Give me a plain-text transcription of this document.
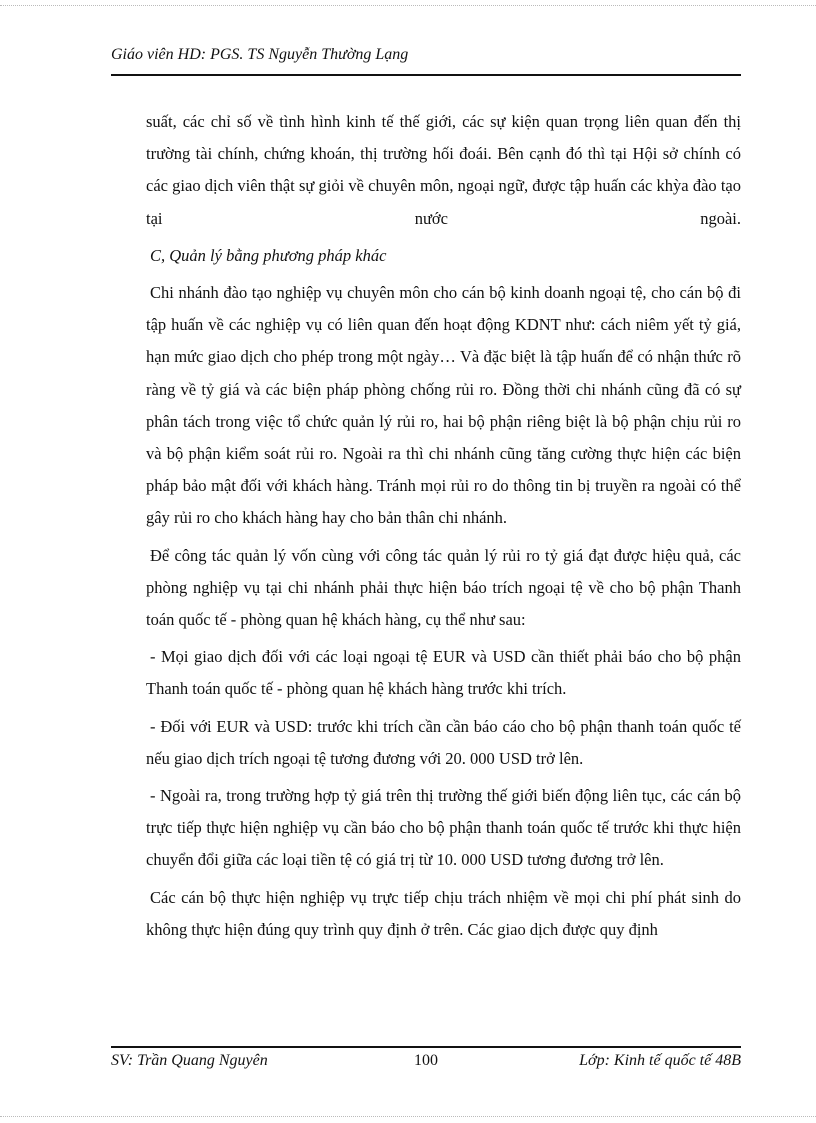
Giáo viên HD: PGS. TS Nguyễn Thường Lạng

suất, các chỉ số về tình hình kinh tế thế giới, các sự kiện quan trọng liên quan đến thị trường tài chính, chứng khoán, thị trường hối đoái. Bên cạnh đó thì tại Hội sở chính có các giao dịch viên thật sự giỏi về chuyên môn, ngoại ngữ, được tập huấn các khỳa đào tạo tại nước ngoài.

C, Quản lý bằng phương pháp khác

Chi nhánh đào tạo nghiệp vụ chuyên môn cho cán bộ kinh doanh ngoại tệ, cho cán bộ đi tập huấn về các nghiệp vụ có liên quan đến hoạt động KDNT như: cách niêm yết tỷ giá, hạn mức giao dịch cho phép trong một ngày… Và đặc biệt là tập huấn để có nhận thức rõ ràng về tỷ giá và các biện pháp phòng chống rủi ro. Đồng thời chi nhánh cũng đã có sự phân tách trong việc tổ chức quản lý rủi ro, hai bộ phận riêng biệt là bộ phận chịu rủi ro và bộ phận kiểm soát rủi ro. Ngoài ra thì chi nhánh cũng tăng cường thực hiện các biện pháp bảo mật đối với khách hàng. Tránh mọi rủi ro do thông tin bị truyền ra ngoài có thể gây rủi ro cho khách hàng hay cho bản thân chi nhánh.

Để công tác quản lý vốn cùng với công tác quản lý rủi ro tỷ giá đạt được hiệu quả, các phòng nghiệp vụ tại chi nhánh phải thực hiện báo trích ngoại tệ về cho bộ phận Thanh toán quốc tế - phòng quan hệ khách hàng, cụ thể như sau:

- Mọi giao dịch đối với các loại ngoại tệ EUR và USD cần thiết phải báo cho bộ phận Thanh toán quốc tế - phòng quan hệ khách hàng trước khi trích.

- Đối với EUR và USD: trước khi trích cần cần báo cáo cho bộ phận thanh toán quốc tế nếu giao dịch trích ngoại tệ tương đương với 20. 000 USD trở lên.

- Ngoài ra, trong trường hợp tỷ giá trên thị trường thế giới biến động liên tục, các cán bộ trực tiếp thực hiện nghiệp vụ cần báo cho bộ phận thanh toán quốc tế trước khi thực hiện chuyển đổi giữa các loại tiền tệ có giá trị từ 10. 000 USD tương đương trở lên.

Các cán bộ thực hiện nghiệp vụ trực tiếp chịu trách nhiệm về mọi chi phí phát sinh do không thực hiện đúng quy trình quy định ở trên. Các giao dịch được quy định

SV: Trần Quang Nguyên	100	Lớp: Kinh tế quốc tế 48B
